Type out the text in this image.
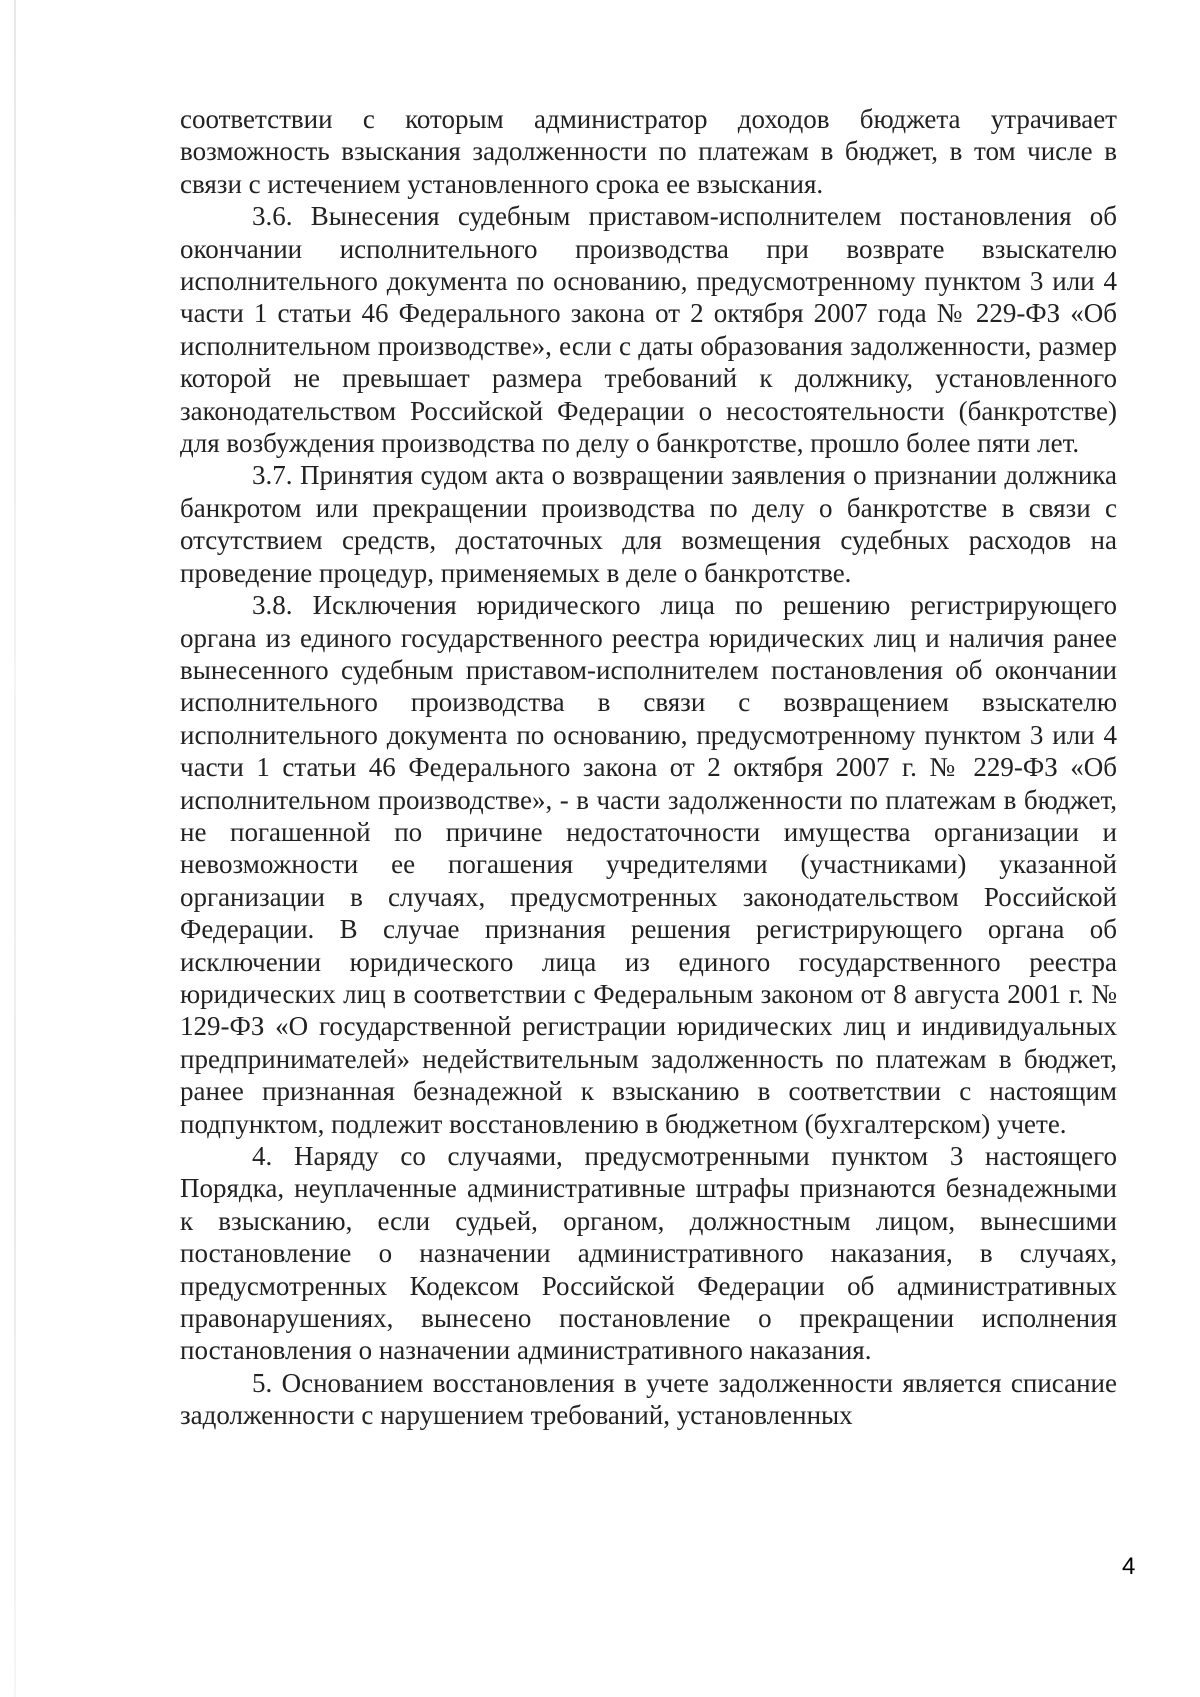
соответствии с которым администратор доходов бюджета утрачивает возможность взыскания задолженности по платежам в бюджет, в том числе в связи с истечением установленного срока ее взыскания.

3.6. Вынесения судебным приставом-исполнителем постановления об окончании исполнительного производства при возврате взыскателю исполнительного документа по основанию, предусмотренному пунктом 3 или 4 части 1 статьи 46 Федерального закона от 2 октября 2007 года № 229-ФЗ «Об исполнительном производстве», если с даты образования задолженности, размер которой не превышает размера требований к должнику, установленного законодательством Российской Федерации о несостоятельности (банкротстве) для возбуждения производства по делу о банкротстве, прошло более пяти лет.

3.7. Принятия судом акта о возвращении заявления о признании должника банкротом или прекращении производства по делу о банкротстве в связи с отсутствием средств, достаточных для возмещения судебных расходов на проведение процедур, применяемых в деле о банкротстве.

3.8. Исключения юридического лица по решению регистрирующего органа из единого государственного реестра юридических лиц и наличия ранее вынесенного судебным приставом-исполнителем постановления об окончании исполнительного производства в связи с возвращением взыскателю исполнительного документа по основанию, предусмотренному пунктом 3 или 4 части 1 статьи 46 Федерального закона от 2 октября 2007 г. № 229-ФЗ «Об исполнительном производстве», - в части задолженности по платежам в бюджет, не погашенной по причине недостаточности имущества организации и невозможности ее погашения учредителями (участниками) указанной организации в случаях, предусмотренных законодательством Российской Федерации. В случае признания решения регистрирующего органа об исключении юридического лица из единого государственного реестра юридических лиц в соответствии с Федеральным законом от 8 августа 2001 г. № 129-ФЗ «О государственной регистрации юридических лиц и индивидуальных предпринимателей» недействительным задолженность по платежам в бюджет, ранее признанная безнадежной к взысканию в соответствии с настоящим подпунктом, подлежит восстановлению в бюджетном (бухгалтерском) учете.

4. Наряду со случаями, предусмотренными пунктом 3 настоящего Порядка, неуплаченные административные штрафы признаются безнадежными к взысканию, если судьей, органом, должностным лицом, вынесшими постановление о назначении административного наказания, в случаях, предусмотренных Кодексом Российской Федерации об административных правонарушениях, вынесено постановление о прекращении исполнения постановления о назначении административного наказания.

5. Основанием восстановления в учете задолженности является списание задолженности с нарушением требований, установленных

4
